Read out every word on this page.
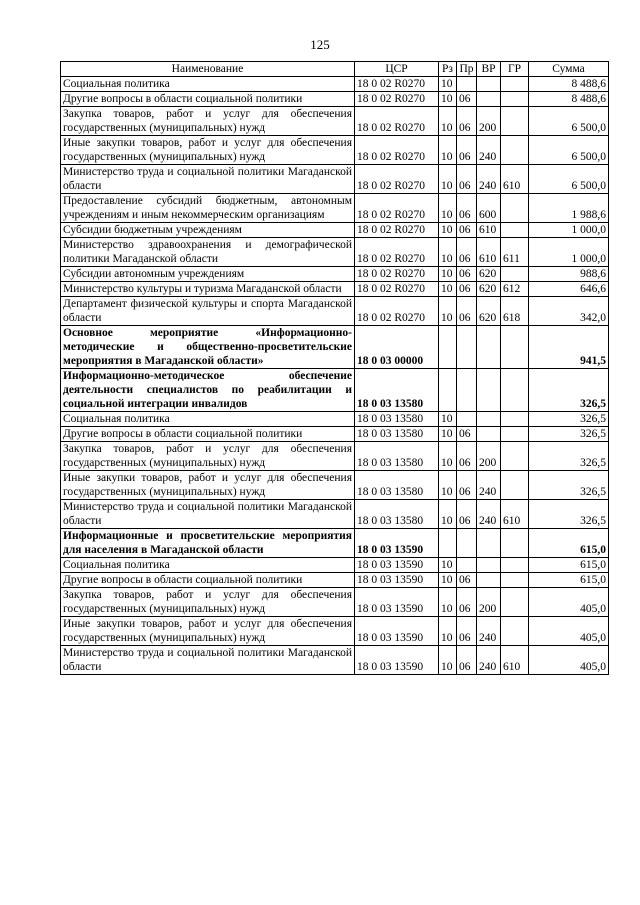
125
Наименование	ЦСР	Рз	Пр	ВР	ГР	Сумма
Социальная политика	18 0 02 R0270	10				8 488,6
Другие вопросы в области социальной политики	18 0 02 R0270	10	06			8 488,6
Закупка товаров, работ и услуг для обеспечения государственных (муниципальных) нужд	18 0 02 R0270	10	06	200		6 500,0
Иные закупки товаров, работ и услуг для обеспечения государственных (муниципальных) нужд	18 0 02 R0270	10	06	240		6 500,0
Министерство труда и социальной политики Магаданской области	18 0 02 R0270	10	06	240	610	6 500,0
Предоставление субсидий бюджетным, автономным учреждениям и иным некоммерческим организациям	18 0 02 R0270	10	06	600		1 988,6
Субсидии бюджетным учреждениям	18 0 02 R0270	10	06	610		1 000,0
Министерство здравоохранения и демографической политики Магаданской области	18 0 02 R0270	10	06	610	611	1 000,0
Субсидии автономным учреждениям	18 0 02 R0270	10	06	620		988,6
Министерство культуры и туризма Магаданской области	18 0 02 R0270	10	06	620	612	646,6
Департамент физической культуры и спорта Магаданской области	18 0 02 R0270	10	06	620	618	342,0
Основное мероприятие «Информационно-методические и общественно-просветительские мероприятия в Магаданской области»	18 0 03 00000					941,5
Информационно-методическое обеспечение деятельности специалистов по реабилитации и социальной интеграции инвалидов	18 0 03 13580					326,5
Социальная политика	18 0 03 13580	10				326,5
Другие вопросы в области социальной политики	18 0 03 13580	10	06			326,5
Закупка товаров, работ и услуг для обеспечения государственных (муниципальных) нужд	18 0 03 13580	10	06	200		326,5
Иные закупки товаров, работ и услуг для обеспечения государственных (муниципальных) нужд	18 0 03 13580	10	06	240		326,5
Министерство труда и социальной политики Магаданской области	18 0 03 13580	10	06	240	610	326,5
Информационные и просветительские мероприятия для населения в Магаданской области	18 0 03 13590					615,0
Социальная политика	18 0 03 13590	10				615,0
Другие вопросы в области социальной политики	18 0 03 13590	10	06			615,0
Закупка товаров, работ и услуг для обеспечения государственных (муниципальных) нужд	18 0 03 13590	10	06	200		405,0
Иные закупки товаров, работ и услуг для обеспечения государственных (муниципальных) нужд	18 0 03 13590	10	06	240		405,0
Министерство труда и социальной политики Магаданской области	18 0 03 13590	10	06	240	610	405,0
